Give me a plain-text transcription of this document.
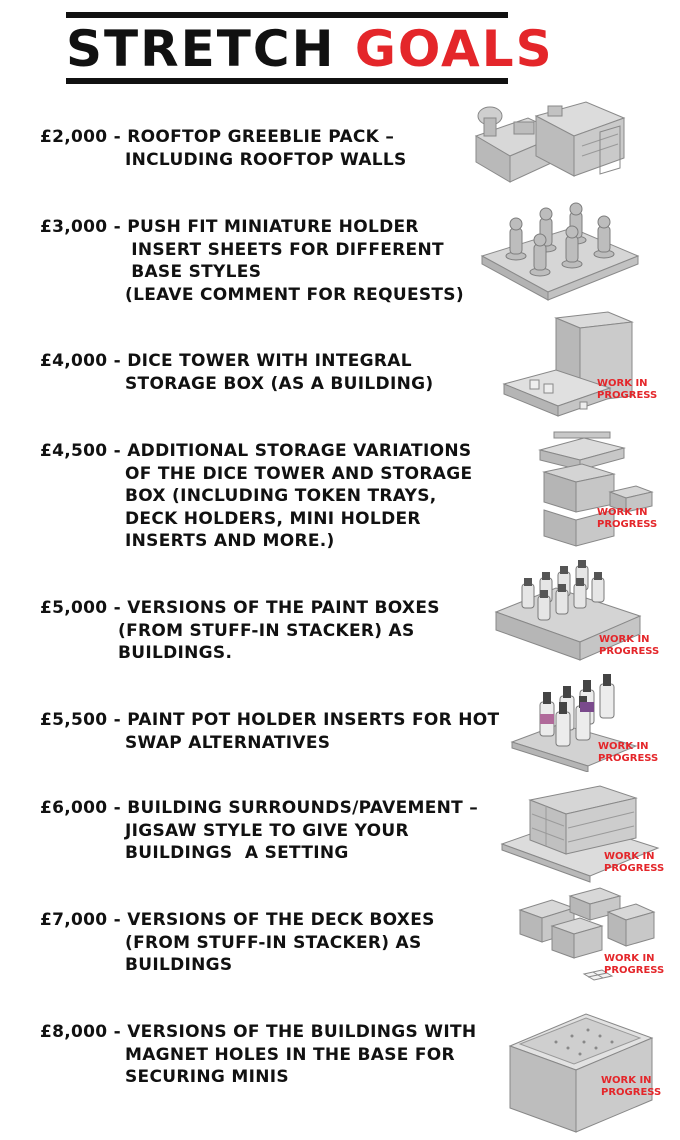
STRETCH GOALS
£2,000 - ROOFTOP GREEBLIE PACK –
INCLUDING ROOFTOP WALLS
£3,000 - PUSH FIT MINIATURE HOLDER
INSERT SHEETS FOR DIFFERENT
BASE STYLES
(LEAVE COMMENT FOR REQUESTS)
£4,000 - DICE TOWER WITH INTEGRAL
STORAGE BOX (AS A BUILDING)	WORK IN
PROGRESS
£4,500 - ADDITIONAL STORAGE VARIATIONS
OF THE DICE TOWER AND STORAGE
BOX (INCLUDING TOKEN TRAYS,
DECK HOLDERS, MINI HOLDER
INSERTS AND MORE.)
WORK IN
PROGRESS
£5,000 - VERSIONS OF THE PAINT BOXES
(FROM STUFF-IN STACKER) AS
BUILDINGS.
WORK IN
PROGRESS
£5,500 - PAINT POT HOLDER INSERTS FOR HOT
SWAP ALTERNATIVES	WORK IN
PROGRESS
£6,000 - BUILDING SURROUNDS/PAVEMENT –
JIGSAW STYLE TO GIVE YOUR
BUILDINGS  A SETTING	WORK IN
PROGRESS
£7,000 - VERSIONS OF THE DECK BOXES
(FROM STUFF-IN STACKER) AS
BUILDINGS	WORK IN
PROGRESS
£8,000 - VERSIONS OF THE BUILDINGS WITH
MAGNET HOLES IN THE BASE FOR
SECURING MINIS	WORK IN
PROGRESS
